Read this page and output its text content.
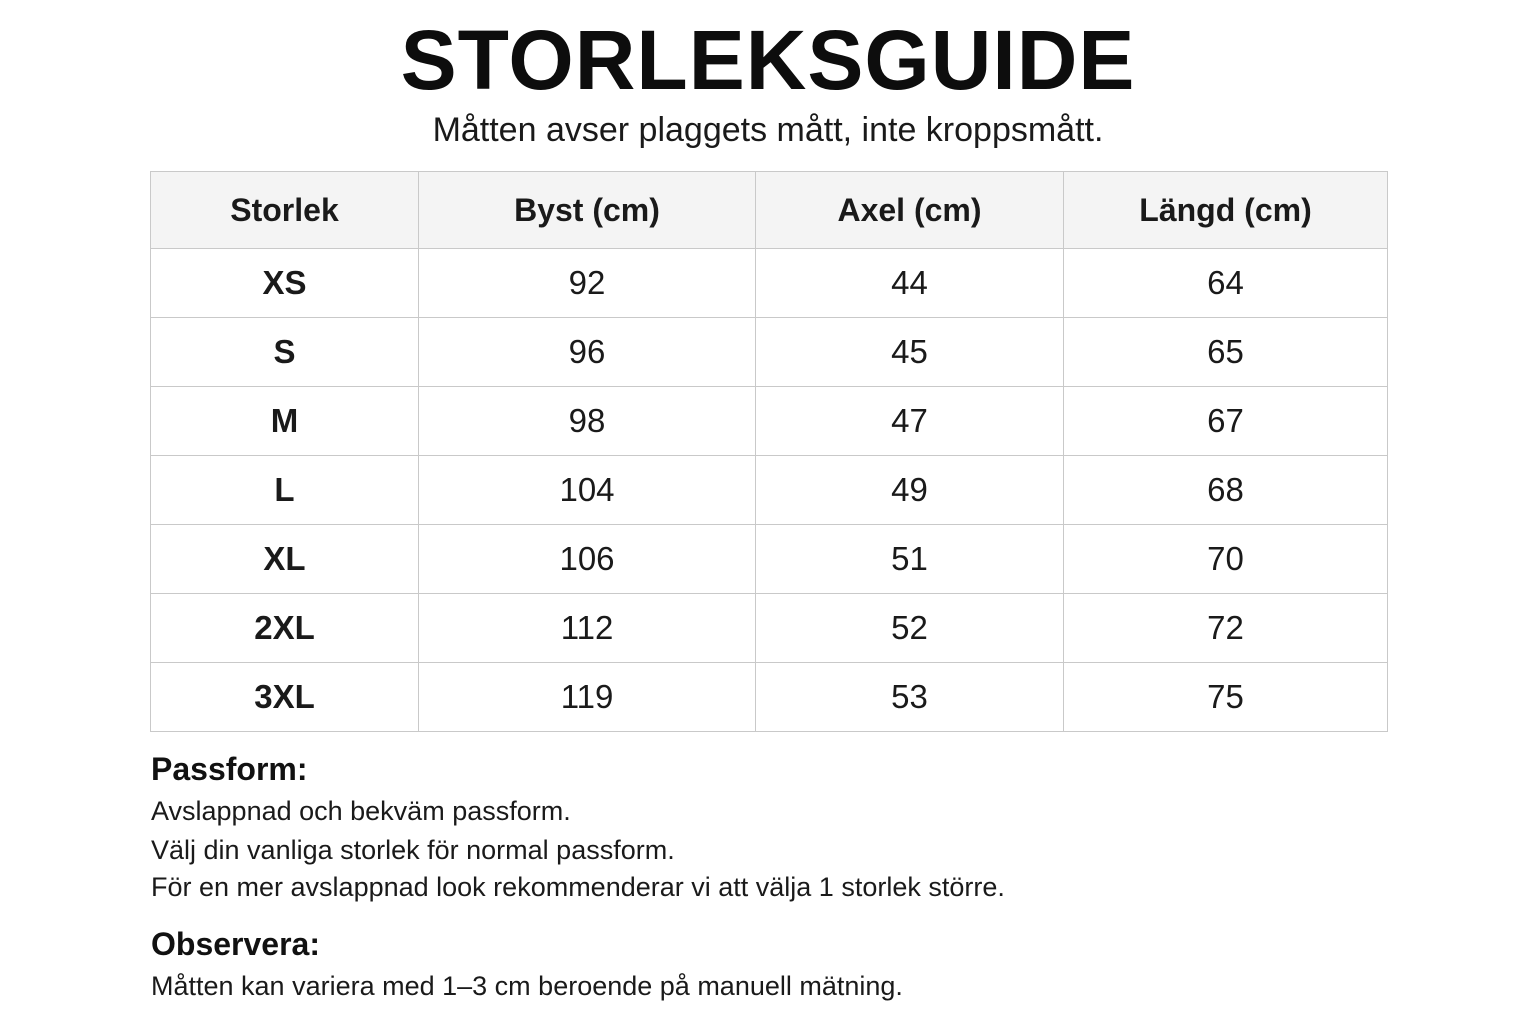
STORLEKSGUIDE
Måtten avser plaggets mått, inte kroppsmått.
Storlek	Byst (cm)	Axel (cm)	Längd (cm)
XS	92	44	64
S	96	45	65
M	98	47	67
L	104	49	68
XL	106	51	70
2XL	112	52	72
3XL	119	53	75
Passform:
Avslappnad och bekväm passform.
Välj din vanliga storlek för normal passform.
För en mer avslappnad look rekommenderar vi att välja 1 storlek större.
Observera:
Måtten kan variera med 1–3 cm beroende på manuell mätning.
